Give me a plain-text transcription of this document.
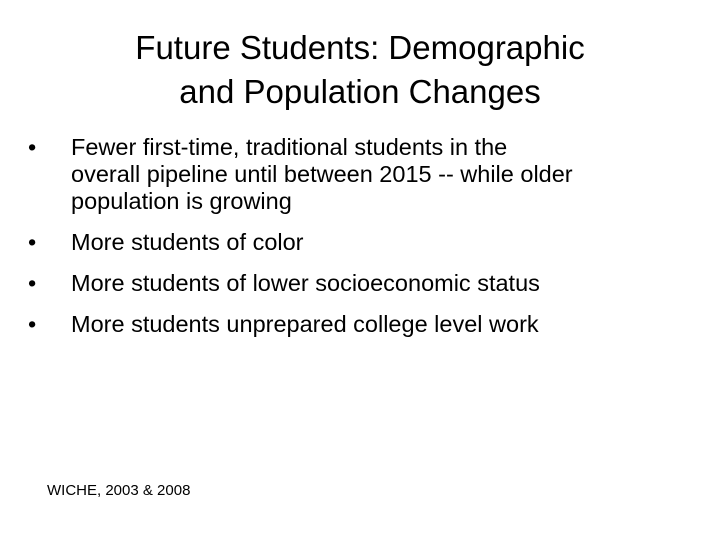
Future Students: Demographic
and Population Changes
•	Fewer first-time, traditional students in the
overall pipeline until between 2015 -- while older
population is growing
•	More students of color
•	More students of lower socioeconomic status
•	More students unprepared college level work

WICHE, 2003 & 2008
